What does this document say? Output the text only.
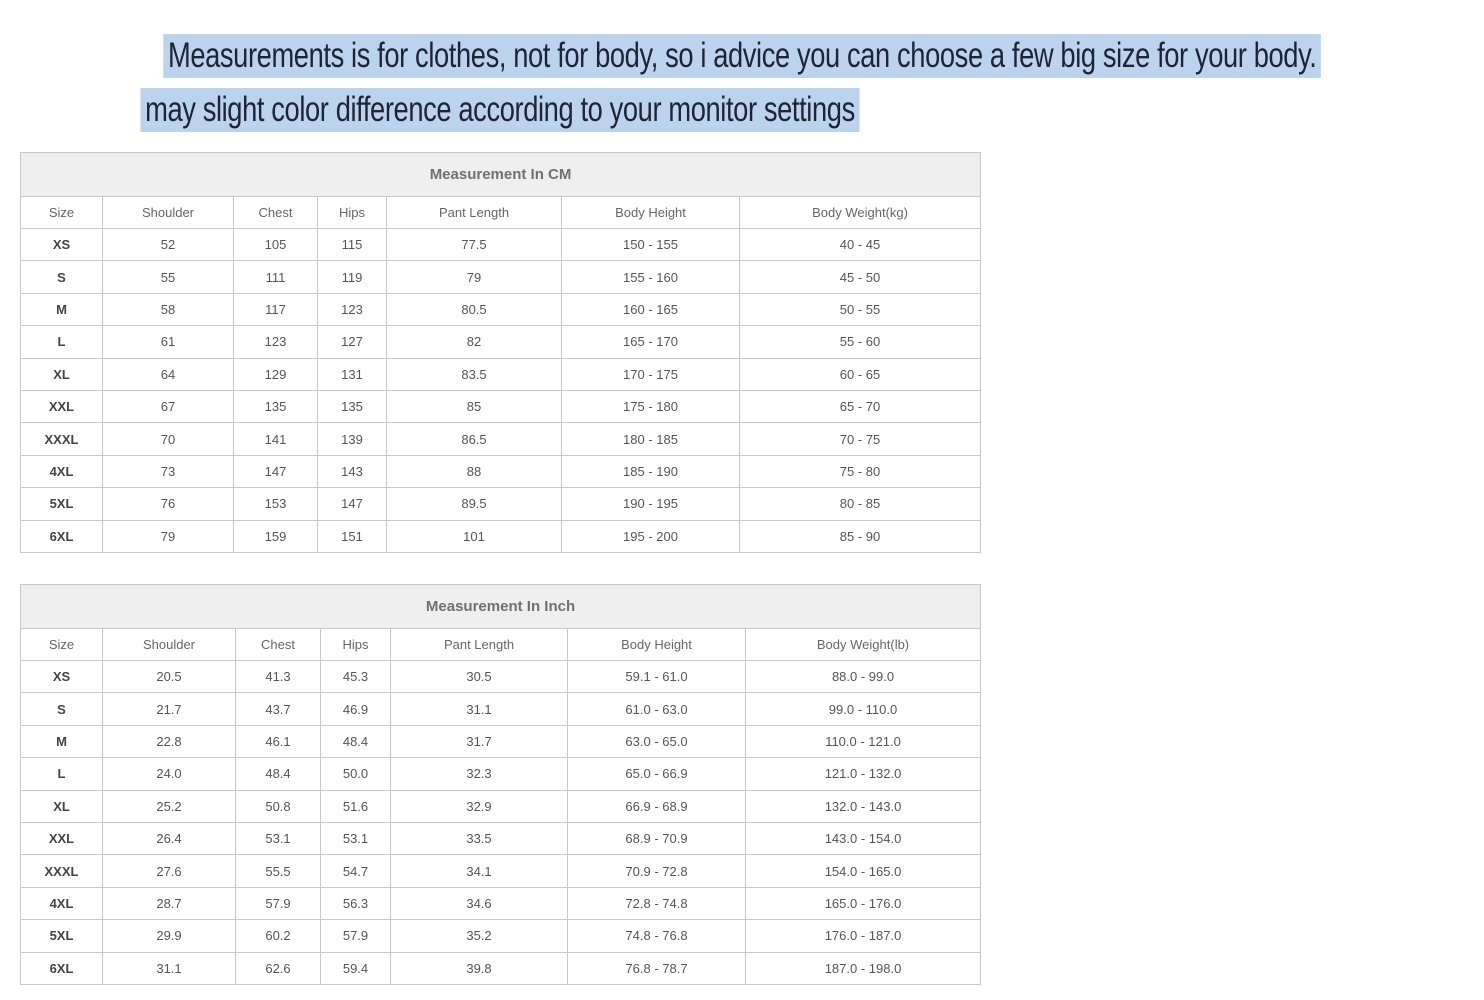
Measurements is for clothes, not for body, so i advice you can choose a few big size for your body.
may slight color difference according to your monitor settings
Measurement In CM						
Size	Shoulder	Chest	Hips	Pant Length	Body Height	Body Weight(kg)
XS	52	105	115	77.5	150 - 155	40 - 45
S	55	111	119	79	155 - 160	45 - 50
M	58	117	123	80.5	160 - 165	50 - 55
L	61	123	127	82	165 - 170	55 - 60
XL	64	129	131	83.5	170 - 175	60 - 65
XXL	67	135	135	85	175 - 180	65 - 70
XXXL	70	141	139	86.5	180 - 185	70 - 75
4XL	73	147	143	88	185 - 190	75 - 80
5XL	76	153	147	89.5	190 - 195	80 - 85
6XL	79	159	151	101	195 - 200	85 - 90
Measurement In Inch						
Size	Shoulder	Chest	Hips	Pant Length	Body Height	Body Weight(lb)
XS	20.5	41.3	45.3	30.5	59.1 - 61.0	88.0 - 99.0
S	21.7	43.7	46.9	31.1	61.0 - 63.0	99.0 - 110.0
M	22.8	46.1	48.4	31.7	63.0 - 65.0	110.0 - 121.0
L	24.0	48.4	50.0	32.3	65.0 - 66.9	121.0 - 132.0
XL	25.2	50.8	51.6	32.9	66.9 - 68.9	132.0 - 143.0
XXL	26.4	53.1	53.1	33.5	68.9 - 70.9	143.0 - 154.0
XXXL	27.6	55.5	54.7	34.1	70.9 - 72.8	154.0 - 165.0
4XL	28.7	57.9	56.3	34.6	72.8 - 74.8	165.0 - 176.0
5XL	29.9	60.2	57.9	35.2	74.8 - 76.8	176.0 - 187.0
6XL	31.1	62.6	59.4	39.8	76.8 - 78.7	187.0 - 198.0
